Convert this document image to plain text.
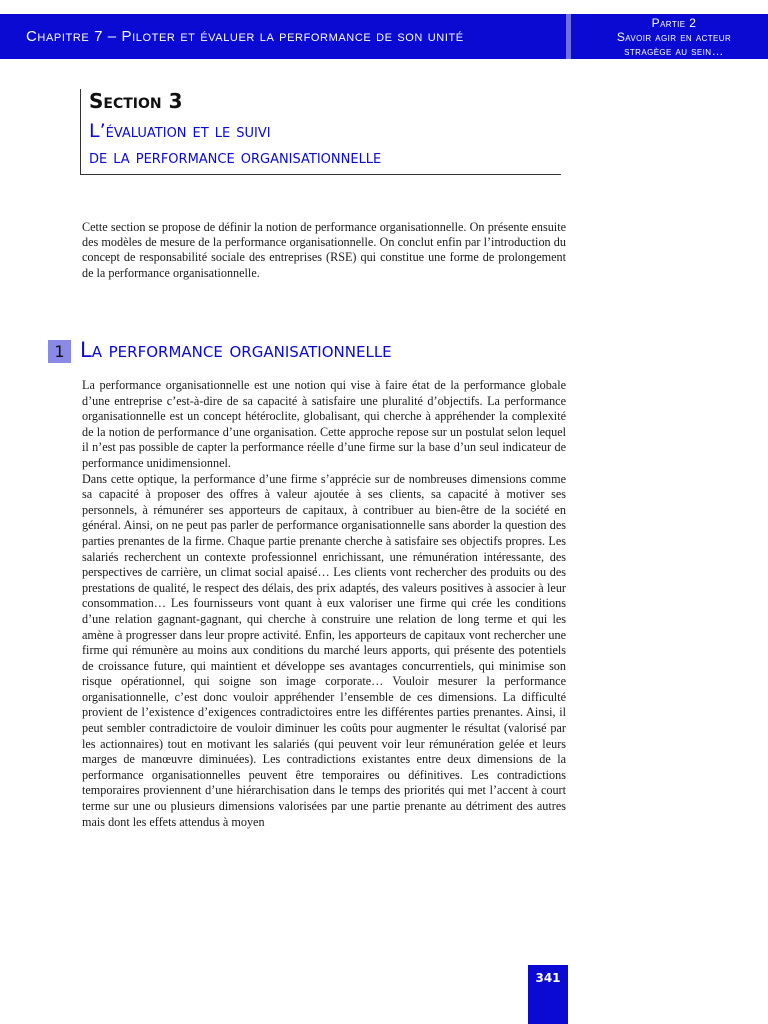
Chapitre 7 – Piloter et évaluer la performance de son unité
Partie 2
Savoir agir en acteur
stragège au sein…
Section 3
L’évaluation et le suivi
de la performance organisationnelle
Cette section se propose de définir la notion de performance organisationnelle. On présente ensuite des modèles de mesure de la performance organisationnelle. On conclut enfin par l’introduction du concept de responsabilité sociale des entreprises (RSE) qui constitue une forme de prolongement de la performance organisationnelle.
1 La performance organisationnelle

La performance organisationnelle est une notion qui vise à faire état de la performance globale d’une entreprise c’est-à-dire de sa capacité à satisfaire une pluralité d’objectifs. La performance organisationnelle est un concept hétéroclite, globalisant, qui cherche à appréhender la complexité de la notion de performance d’une organisation. Cette approche repose sur un postulat selon lequel il n’est pas possible de capter la performance réelle d’une firme sur la base d’un seul indicateur de performance unidimensionnel.

Dans cette optique, la performance d’une firme s’apprécie sur de nombreuses dimensions comme sa capacité à proposer des offres à valeur ajoutée à ses clients, sa capacité à motiver ses personnels, à rémunérer ses apporteurs de capitaux, à contribuer au bien-être de la société en général. Ainsi, on ne peut pas parler de performance organisationnelle sans aborder la question des parties prenantes de la firme. Chaque partie prenante cherche à satisfaire ses objectifs propres. Les salariés recherchent un contexte professionnel enrichissant, une rémunération intéressante, des perspectives de carrière, un climat social apaisé… Les clients vont rechercher des produits ou des prestations de qualité, le respect des délais, des prix adaptés, des valeurs positives à associer à leur consommation… Les fournisseurs vont quant à eux valoriser une firme qui crée les conditions d’une relation gagnant-gagnant, qui cherche à construire une relation de long terme et qui les amène à progresser dans leur propre activité. Enfin, les apporteurs de capitaux vont rechercher une firme qui rémunère au moins aux conditions du marché leurs apports, qui présente des potentiels de croissance future, qui maintient et développe ses avantages concurrentiels, qui minimise son risque opérationnel, qui soigne son image corporate… Vouloir mesurer la performance organisationnelle, c’est donc vouloir appréhender l’ensemble de ces dimensions. La difficulté provient de l’existence d’exigences contradictoires entre les différentes parties prenantes. Ainsi, il peut sembler contradictoire de vouloir diminuer les coûts pour augmenter le résultat (valorisé par les actionnaires) tout en motivant les salariés (qui peuvent voir leur rémunération gelée et leurs marges de manœuvre diminuées). Les contradictions existantes entre deux dimensions de la performance organisationnelles peuvent être temporaires ou définitives. Les contradictions temporaires proviennent d’une hiérarchisation dans le temps des priorités qui met l’accent à court terme sur une ou plusieurs dimensions valorisées par une partie prenante au détriment des autres mais dont les effets attendus à moyen

341
